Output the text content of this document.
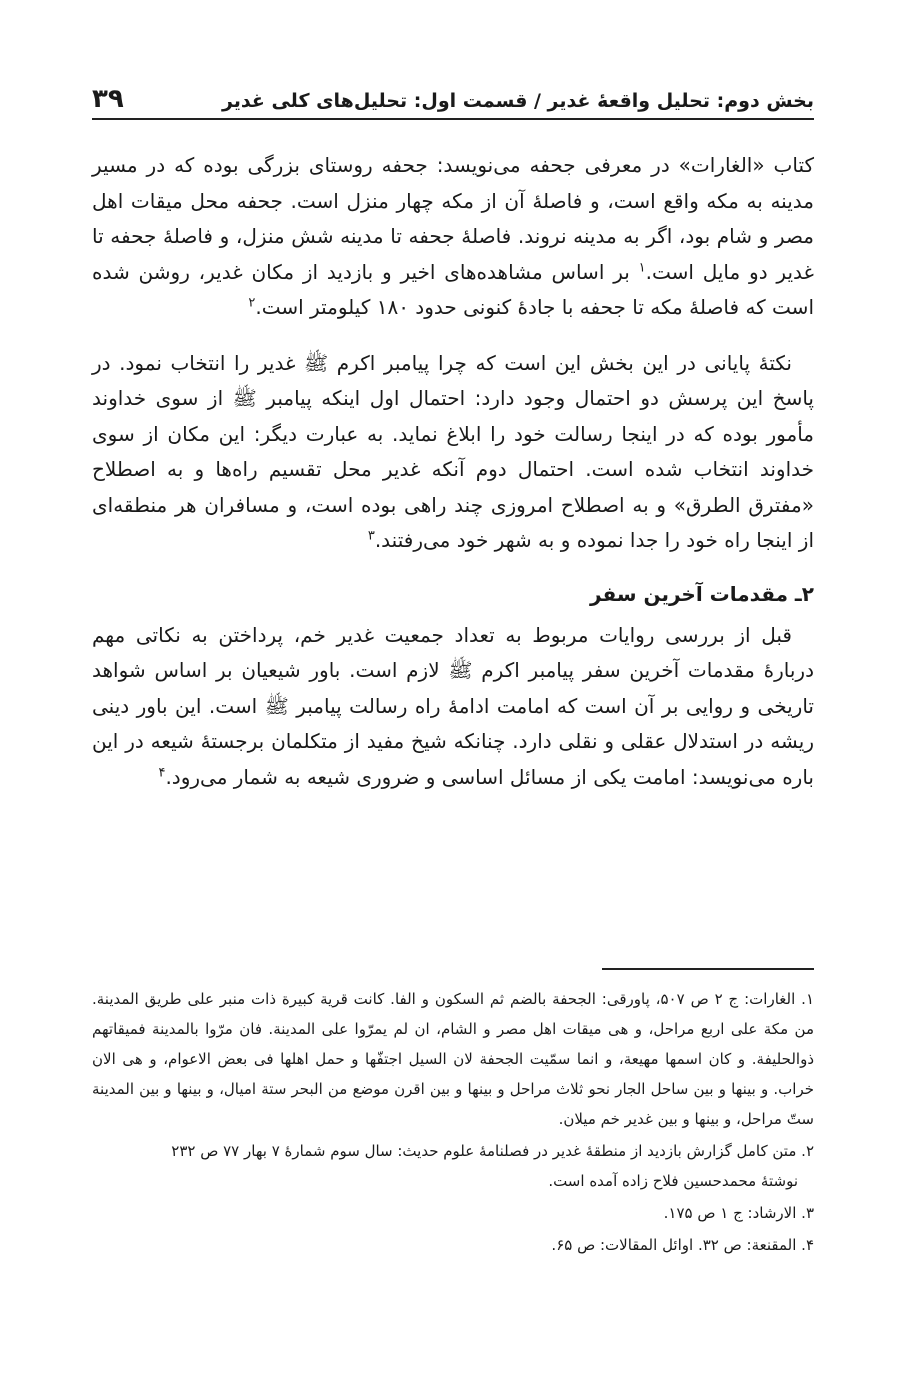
بخش دوم: تحلیل واقعهٔ غدیر / قسمت اول: تحلیل‌های کلی غدیر
۳۹

کتاب «الغارات» در معرفی جحفه می‌نویسد: جحفه روستای بزرگی بوده که در مسیر مدینه به مکه واقع است، و فاصلهٔ آن از مکه چهار منزل است. جحفه محل میقات اهل مصر و شام بود، اگر به مدینه نروند. فاصلهٔ جحفه تا مدینه شش منزل، و فاصلهٔ جحفه تا غدیر دو مایل است.$^۱$ بر اساس مشاهده‌های اخیر و بازدید از مکان غدیر، روشن شده است که فاصلهٔ مکه تا جحفه با جادهٔ کنونی حدود ۱۸۰ کیلومتر است.$^۲$

نکتهٔ پایانی در این بخش این است که چرا پیامبر اکرم ﷺ غدیر را انتخاب نمود. در پاسخ این پرسش دو احتمال وجود دارد: احتمال اول اینکه پیامبر ﷺ از سوی خداوند مأمور بوده که در اینجا رسالت خود را ابلاغ نماید. به عبارت دیگر: این مکان از سوی خداوند انتخاب شده است. احتمال دوم آنکه غدیر محل تقسیم راه‌ها و به اصطلاح «مفترق الطرق» و به اصطلاح امروزی چند راهی بوده است، و مسافران هر منطقه‌ای از اینجا راه خود را جدا نموده و به شهر خود می‌رفتند.$^۳$

۲ـ مقدمات آخرین سفر

قبل از بررسی روایات مربوط به تعداد جمعیت غدیر خم، پرداختن به نکاتی مهم دربارهٔ مقدمات آخرین سفر پیامبر اکرم ﷺ لازم است. باور شیعیان بر اساس شواهد تاریخی و روایی بر آن است که امامت ادامهٔ راه رسالت پیامبر ﷺ است. این باور دینی ریشه در استدلال عقلی و نقلی دارد. چنانکه شیخ مفید از متکلمان برجستهٔ شیعه در این باره می‌نویسد: امامت یکی از مسائل اساسی و ضروری شیعه به شمار می‌رود.$^۴$

۱. الغارات: ج ۲ ص ۵۰۷، پاورقی: الجحفة بالضم ثم السکون و الفا. کانت قریة کبیرة ذات منبر علی طریق المدینة. من مکة علی اربع مراحل، و هی میقات اهل مصر و الشام، ان لم یمرّوا علی المدینة. فان مرّوا بالمدینة فمیقاتهم ذوالحلیفة. و کان اسمها مهیعة، و انما سمّیت الجحفة لان السیل اجتفّها و حمل اهلها فی بعض الاعوام، و هی الان خراب. و بینها و بین ساحل الجار نحو ثلاث مراحل و بینها و بین اقرن موضع من البحر ستة امیال، و بینها و بین المدینة ستّ مراحل، و بینها و بین غدیر خم میلان.

۲. متن کامل گزارش بازدید از منطقهٔ غدیر در فصلنامهٔ علوم حدیث: سال سوم شمارهٔ ۷ بهار ۷۷ ص ۲۳۲
نوشتهٔ محمدحسین فلاح زاده آمده است.

۳. الارشاد: ج ۱ ص ۱۷۵.

۴. المقنعة: ص ۳۲. اوائل المقالات: ص ۶۵.
